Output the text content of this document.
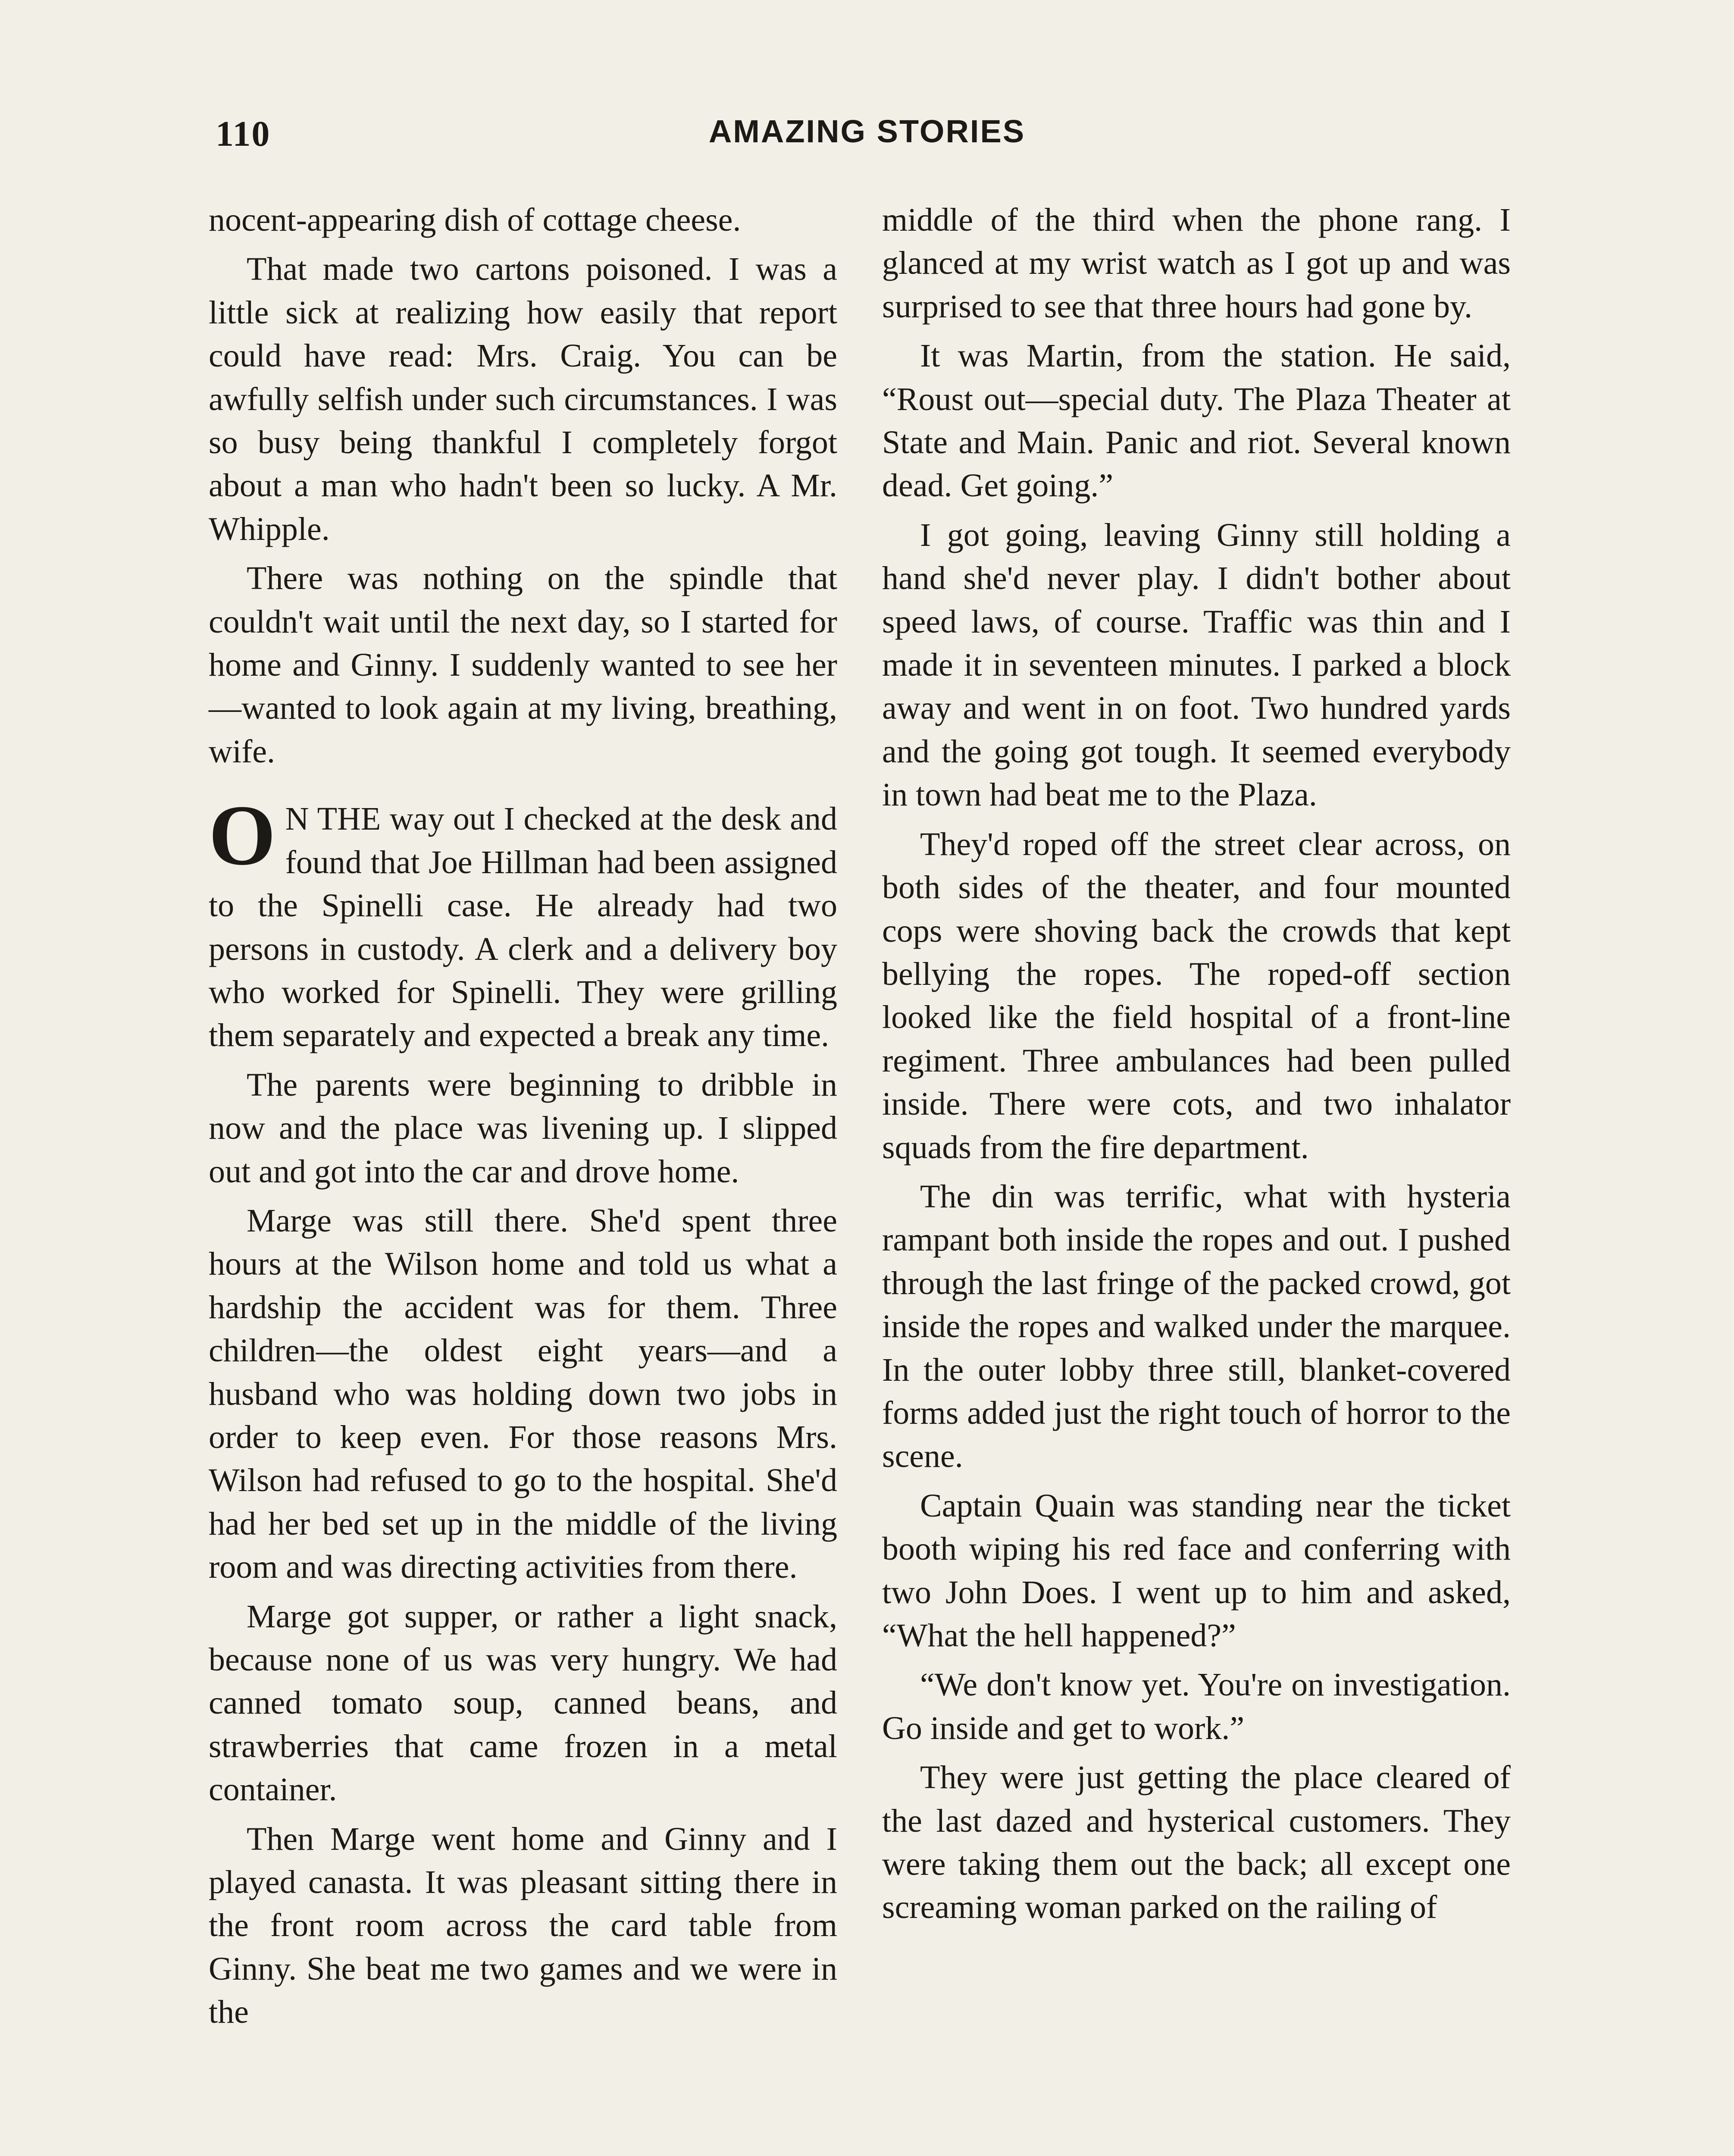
110	AMAZING STORIES

nocent-appearing dish of cottage cheese.

That made two cartons poisoned. I was a little sick at realizing how easily that report could have read: Mrs. Craig. You can be awfully selfish under such circumstances. I was so busy being thankful I completely forgot about a man who hadn't been so lucky. A Mr. Whipple.

There was nothing on the spindle that couldn't wait until the next day, so I started for home and Ginny. I suddenly wanted to see her—wanted to look again at my living, breathing, wife.

O N THE way out I checked at the desk and found that Joe Hillman had been assigned to the Spinelli case. He already had two persons in custody. A clerk and a delivery boy who worked for Spinelli. They were grilling them separately and expected a break any time.

The parents were beginning to dribble in now and the place was livening up. I slipped out and got into the car and drove home.

Marge was still there. She'd spent three hours at the Wilson home and told us what a hardship the accident was for them. Three children—the oldest eight years—and a husband who was holding down two jobs in order to keep even. For those reasons Mrs. Wilson had refused to go to the hospital. She'd had her bed set up in the middle of the living room and was directing activities from there.

Marge got supper, or rather a light snack, because none of us was very hungry. We had canned tomato soup, canned beans, and strawberries that came frozen in a metal container.

Then Marge went home and Ginny and I played canasta. It was pleasant sitting there in the front room across the card table from Ginny. She beat me two games and we were in the

middle of the third when the phone rang. I glanced at my wrist watch as I got up and was surprised to see that three hours had gone by.

It was Martin, from the station. He said, “Roust out—special duty. The Plaza Theater at State and Main. Panic and riot. Several known dead. Get going.”

I got going, leaving Ginny still holding a hand she'd never play. I didn't bother about speed laws, of course. Traffic was thin and I made it in seventeen minutes. I parked a block away and went in on foot. Two hundred yards and the going got tough. It seemed everybody in town had beat me to the Plaza.

They'd roped off the street clear across, on both sides of the theater, and four mounted cops were shoving back the crowds that kept bellying the ropes. The roped-off section looked like the field hospital of a front-line regiment. Three ambulances had been pulled inside. There were cots, and two inhalator squads from the fire department.

The din was terrific, what with hysteria rampant both inside the ropes and out. I pushed through the last fringe of the packed crowd, got inside the ropes and walked under the marquee. In the outer lobby three still, blanket-covered forms added just the right touch of horror to the scene.

Captain Quain was standing near the ticket booth wiping his red face and conferring with two John Does. I went up to him and asked, “What the hell happened?”

“We don't know yet. You're on investigation. Go inside and get to work.”

They were just getting the place cleared of the last dazed and hysterical customers. They were taking them out the back; all except one screaming woman parked on the railing of
